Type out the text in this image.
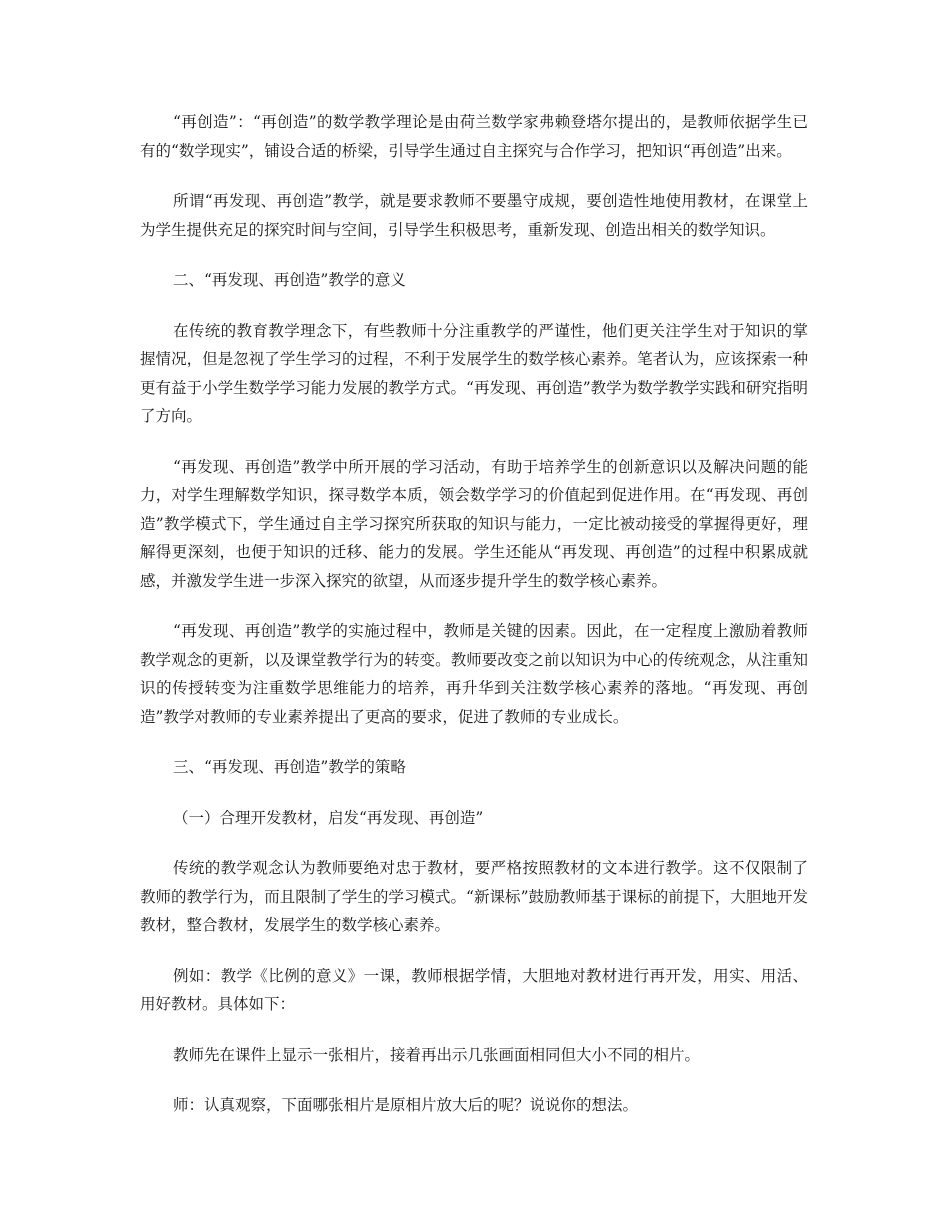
“再创造”：“再创造”的数学教学理论是由荷兰数学家弗赖登塔尔提出的，是教师依据学生已有的“数学现实”，铺设合适的桥梁，引导学生通过自主探究与合作学习，把知识“再创造”出来。

所谓“再发现、再创造”教学，就是要求教师不要墨守成规，要创造性地使用教材，在课堂上为学生提供充足的探究时间与空间，引导学生积极思考，重新发现、创造出相关的数学知识。

二、“再发现、再创造”教学的意义

在传统的教育教学理念下，有些教师十分注重教学的严谨性，他们更关注学生对于知识的掌握情况，但是忽视了学生学习的过程，不利于发展学生的数学核心素养。笔者认为，应该探索一种更有益于小学生数学学习能力发展的教学方式。“再发现、再创造”教学为数学教学实践和研究指明了方向。

“再发现、再创造”教学中所开展的学习活动，有助于培养学生的创新意识以及解决问题的能力，对学生理解数学知识，探寻数学本质，领会数学学习的价值起到促进作用。在“再发现、再创造”教学模式下，学生通过自主学习探究所获取的知识与能力，一定比被动接受的掌握得更好，理解得更深刻，也便于知识的迁移、能力的发展。学生还能从“再发现、再创造”的过程中积累成就感，并激发学生进一步深入探究的欲望，从而逐步提升学生的数学核心素养。

“再发现、再创造”教学的实施过程中，教师是关键的因素。因此，在一定程度上激励着教师教学观念的更新，以及课堂教学行为的转变。教师要改变之前以知识为中心的传统观念，从注重知识的传授转变为注重数学思维能力的培养，再升华到关注数学核心素养的落地。“再发现、再创造”教学对教师的专业素养提出了更高的要求，促进了教师的专业成长。

三、“再发现、再创造”教学的策略

（一）合理开发教材，启发“再发现、再创造”

传统的教学观念认为教师要绝对忠于教材，要严格按照教材的文本进行教学。这不仅限制了教师的教学行为，而且限制了学生的学习模式。“新课标”鼓励教师基于课标的前提下，大胆地开发教材，整合教材，发展学生的数学核心素养。

例如：教学《比例的意义》一课，教师根据学情，大胆地对教材进行再开发，用实、用活、用好教材。具体如下：

教师先在课件上显示一张相片，接着再出示几张画面相同但大小不同的相片。

师：认真观察，下面哪张相片是原相片放大后的呢？说说你的想法。
